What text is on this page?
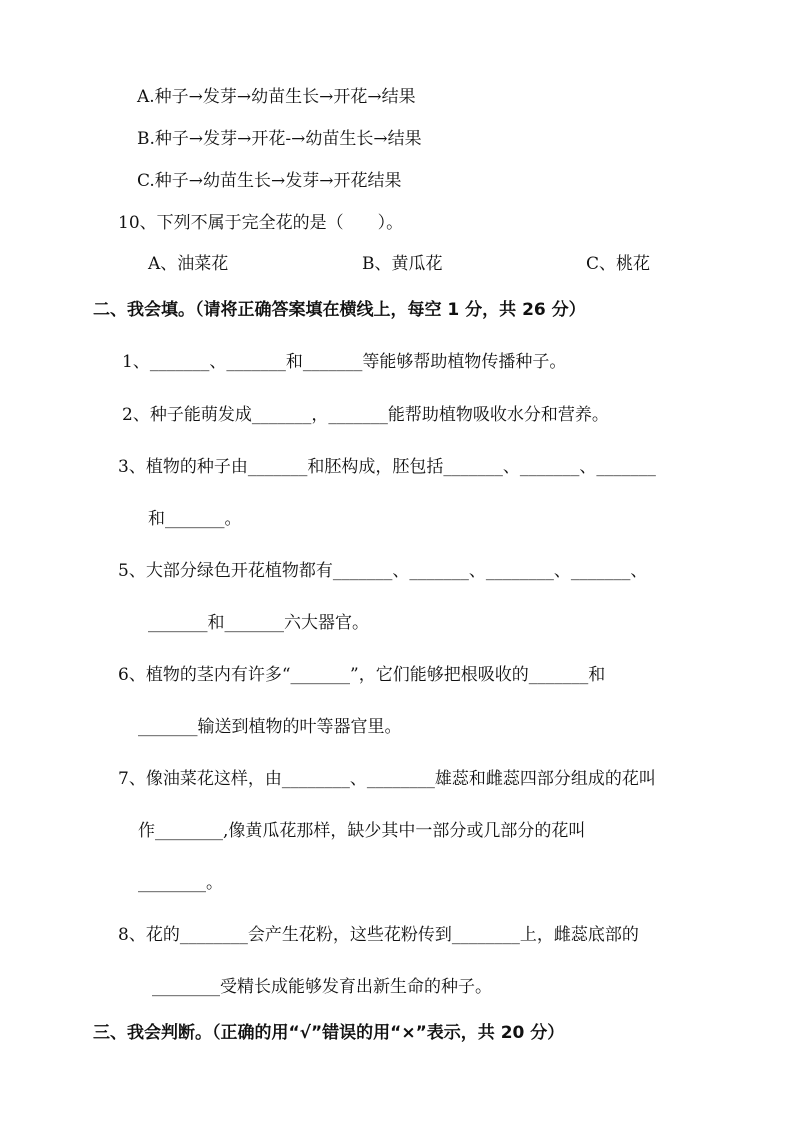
A.种子→发芽→幼苗生长→开花→结果
B.种子→发芽→开花-→幼苗生长→结果
C.种子→幼苗生长→发芽→开花结果
10、下列不属于完全花的是（　　）。
A、油菜花	B、黄瓜花	C、桃花
二、我会填。（请将正确答案填在横线上，每空 1 分，共 26 分）
1、_______、_______和_______等能够帮助植物传播种子。
2、种子能萌发成_______，_______能帮助植物吸收水分和营养。
3、植物的种子由_______和胚构成，胚包括_______、_______、_______
和_______。
5、大部分绿色开花植物都有_______、_______、________、_______、
_______和_______六大器官。
6、植物的茎内有许多“_______”，它们能够把根吸收的_______和
_______输送到植物的叶等器官里。
7、像油菜花这样，由________、________雄蕊和雌蕊四部分组成的花叫
作________,像黄瓜花那样，缺少其中一部分或几部分的花叫
________。
8、花的________会产生花粉，这些花粉传到________上，雌蕊底部的
________受精长成能够发育出新生命的种子。
三、我会判断。（正确的用“√”错误的用“×”表示，共 20 分）
